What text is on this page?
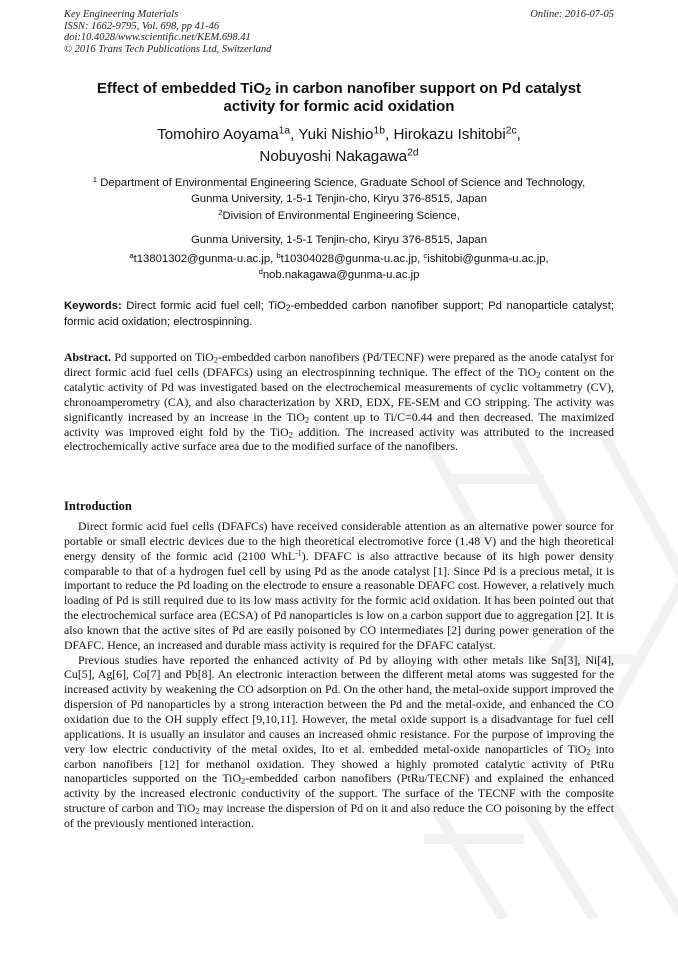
Key Engineering Materials
ISSN: 1662-9795, Vol. 698, pp 41-46
doi:10.4028/www.scientific.net/KEM.698.41
© 2016 Trans Tech Publications Ltd, Switzerland
Online: 2016-07-05
Effect of embedded TiO$_2$ in carbon nanofiber support on Pd catalyst
activity for formic acid oxidation
Tomohiro Aoyama$^{1a}$, Yuki Nishio$^{1b}$, Hirokazu Ishitobi$^{2c}$,
Nobuyoshi Nakagawa$^{2d}$
$^1$ Department of Environmental Engineering Science, Graduate School of Science and Technology,
Gunma University, 1-5-1 Tenjin-cho, Kiryu 376-8515, Japan
$^2$Division of Environmental Engineering Science,
Gunma University, 1-5-1 Tenjin-cho, Kiryu 376-8515, Japan
$^a$t13801302@gunma-u.ac.jp, $^b$t10304028@gunma-u.ac.jp, $^c$ishitobi@gunma-u.ac.jp,
$^d$nob.nakagawa@gunma-u.ac.jp
Keywords: Direct formic acid fuel cell; TiO$_2$-embedded carbon nanofiber support; Pd nanoparticle catalyst; formic acid oxidation; electrospinning.
Abstract. Pd supported on TiO$_2$-embedded carbon nanofibers (Pd/TECNF) were prepared as the anode catalyst for direct formic acid fuel cells (DFAFCs) using an electrospinning technique. The effect of the TiO$_2$ content on the catalytic activity of Pd was investigated based on the electrochemical measurements of cyclic voltammetry (CV), chronoamperometry (CA), and also characterization by XRD, EDX, FE-SEM and CO stripping. The activity was significantly increased by an increase in the TiO$_2$ content up to Ti/C=0.44 and then decreased. The maximized activity was improved eight fold by the TiO$_2$ addition. The increased activity was attributed to the increased electrochemically active surface area due to the modified surface of the nanofibers.
Introduction

Direct formic acid fuel cells (DFAFCs) have received considerable attention as an alternative power source for portable or small electric devices due to the high theoretical electromotive force (1.48 V) and the high theoretical energy density of the formic acid (2100 WhL$^{-1}$). DFAFC is also attractive because of its high power density comparable to that of a hydrogen fuel cell by using Pd as the anode catalyst [1]. Since Pd is a precious metal, it is important to reduce the Pd loading on the electrode to ensure a reasonable DFAFC cost. However, a relatively much loading of Pd is still required due to its low mass activity for the formic acid oxidation. It has been pointed out that the electrochemical surface area (ECSA) of Pd nanoparticles is low on a carbon support due to aggregation [2]. It is also known that the active sites of Pd are easily poisoned by CO intermediates [2] during power generation of the DFAFC. Hence, an increased and durable mass activity is required for the DFAFC catalyst.

Previous studies have reported the enhanced activity of Pd by alloying with other metals like Sn[3], Ni[4], Cu[5], Ag[6], Co[7] and Pb[8]. An electronic interaction between the different metal atoms was suggested for the increased activity by weakening the CO adsorption on Pd. On the other hand, the metal-oxide support improved the dispersion of Pd nanoparticles by a strong interaction between the Pd and the metal-oxide, and enhanced the CO oxidation due to the OH supply effect [9,10,11]. However, the metal oxide support is a disadvantage for fuel cell applications. It is usually an insulator and causes an increased ohmic resistance. For the purpose of improving the very low electric conductivity of the metal oxides, Ito et al. embedded metal-oxide nanoparticles of TiO$_2$ into carbon nanofibers [12] for methanol oxidation. They showed a highly promoted catalytic activity of PtRu nanoparticles supported on the TiO$_2$-embedded carbon nanofibers (PtRu/TECNF) and explained the enhanced activity by the increased electronic conductivity of the support. The surface of the TECNF with the composite structure of carbon and TiO$_2$ may increase the dispersion of Pd on it and also reduce the CO poisoning by the effect of the previously mentioned interaction.
